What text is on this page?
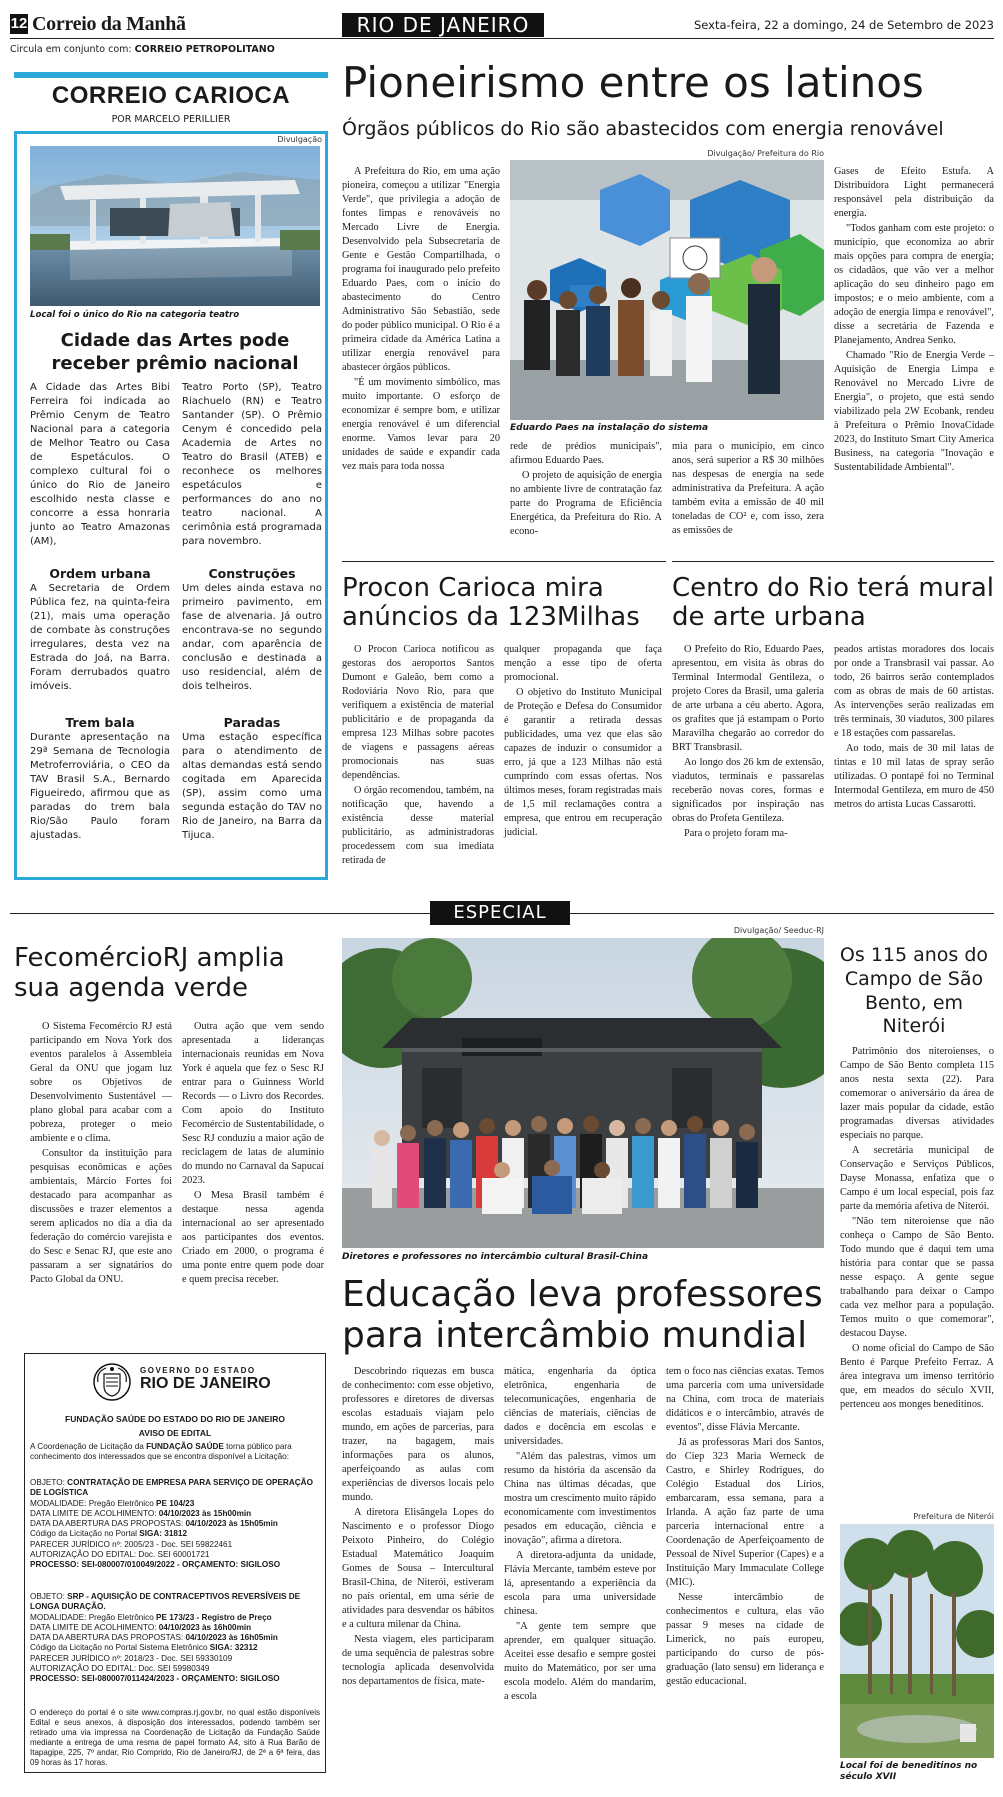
12 Correio da Manhã	RIO DE JANEIRO	Sexta-feira, 22 a domingo, 24 de Setembro de 2023
Circula em conjunto com: CORREIO PETROPOLITANO
CORREIO CARIOCA
POR MARCELO PERILLIER
Divulgação
Local foi o único do Rio na categoria teatro
Cidade das Artes pode receber prêmio nacional
A Cidade das Artes Bibi Ferreira foi indicada ao Prêmio Cenym de Teatro Nacional para a categoria de Melhor Teatro ou Casa de Espetáculos. O complexo cultural foi o único do Rio de Janeiro escolhido nesta classe e concorre a essa honraria junto ao Teatro Amazonas (AM),
Teatro Porto (SP), Teatro Riachuelo (RN) e Teatro Santander (SP). O Prêmio Cenym é concedido pela Academia de Artes no Teatro do Brasil (ATEB) e reconhece os melhores espetáculos e performances do ano no teatro nacional. A cerimônia está programada para novembro.
Ordem urbana
A Secretaria de Ordem Pública fez, na quinta-feira (21), mais uma operação de combate às construções irregulares, desta vez na Estrada do Joá, na Barra. Foram derrubados quatro imóveis.
Construções
Um deles ainda estava no primeiro pavimento, em fase de alvenaria. Já outro encontrava-se no segundo andar, com aparência de conclusão e destinada a uso residencial, além de dois telheiros.
Trem bala
Durante apresentação na 29ª Semana de Tecnologia Metroferroviária, o CEO da TAV Brasil S.A., Bernardo Figueiredo, afirmou que as paradas do trem bala Rio/São Paulo foram ajustadas.
Paradas
Uma estação específica para o atendimento de altas demandas está sendo cogitada em Aparecida (SP), assim como uma segunda estação do TAV no Rio de Janeiro, na Barra da Tijuca.
Pioneirismo entre os latinos
Órgãos públicos do Rio são abastecidos com energia renovável
Divulgação/ Prefeitura do Rio
Eduardo Paes na instalação do sistema

A Prefeitura do Rio, em uma ação pioneira, começou a utilizar "Energia Verde", que privilegia a adoção de fontes limpas e renováveis no Mercado Livre de Energia. Desenvolvido pela Subsecretaria de Gente e Gestão Compartilhada, o programa foi inaugurado pelo prefeito Eduardo Paes, com o início do abastecimento do Centro Administrativo São Sebastião, sede do poder público municipal. O Rio é a primeira cidade da América Latina a utilizar energia renovável para abastecer órgãos públicos.

"É um movimento simbólico, mas muito importante. O esforço de economizar é sempre bom, e utilizar energia renovável é um diferencial enorme. Vamos levar para 20 unidades de saúde e expandir cada vez mais para toda nossa

rede de prédios municipais", afirmou Eduardo Paes.

O projeto de aquisição de energia no ambiente livre de contratação faz parte do Programa de Eficiência Energética, da Prefeitura do Rio. A econo-

mia para o município, em cinco anos, será superior a R$ 30 milhões nas despesas de energia na sede administrativa da Prefeitura. A ação também evita a emissão de 40 mil toneladas de CO² e, com isso, zera as emissões de

Gases de Efeito Estufa. A Distribuidora Light permanecerá responsável pela distribuição da energia.

"Todos ganham com este projeto: o município, que economiza ao abrir mais opções para compra de energia; os cidadãos, que vão ver a melhor aplicação do seu dinheiro pago em impostos; e o meio ambiente, com a adoção de energia limpa e renovável", disse a secretária de Fazenda e Planejamento, Andrea Senko.

Chamado "Rio de Energia Verde – Aquisição de Energia Limpa e Renovável no Mercado Livre de Energia", o projeto, que está sendo viabilizado pela 2W Ecobank, rendeu à Prefeitura o Prêmio InovaCidade 2023, do Instituto Smart City America Business, na categoria "Inovação e Sustentabilidade Ambiental".

Procon Carioca mira anúncios da 123Milhas

O Procon Carioca notificou as gestoras dos aeroportos Santos Dumont e Galeão, bem como a Rodoviária Novo Rio, para que verifiquem a existência de material publicitário e de propaganda da empresa 123 Milhas sobre pacotes de viagens e passagens aéreas promocionais nas suas dependências.

O órgão recomendou, também, na notificação que, havendo a existência desse material publicitário, as administradoras procedessem com sua imediata retirada de

qualquer propaganda que faça menção a esse tipo de oferta promocional.

O objetivo do Instituto Municipal de Proteção e Defesa do Consumidor é garantir a retirada dessas publicidades, uma vez que elas são capazes de induzir o consumidor a erro, já que a 123 Milhas não está cumprindo com essas ofertas. Nos últimos meses, foram registradas mais de 1,5 mil reclamações contra a empresa, que entrou em recuperação judicial.

Centro do Rio terá mural de arte urbana

O Prefeito do Rio, Eduardo Paes, apresentou, em visita às obras do Terminal Intermodal Gentileza, o projeto Cores da Brasil, uma galeria de arte urbana a céu aberto. Agora, os grafites que já estampam o Porto Maravilha chegarão ao corredor do BRT Transbrasil.

Ao longo dos 26 km de extensão, viadutos, terminais e passarelas receberão novas cores, formas e significados por inspiração nas obras do Profeta Gentileza.

Para o projeto foram ma-

peados artistas moradores dos locais por onde a Transbrasil vai passar. Ao todo, 26 bairros serão contemplados com as obras de mais de 60 artistas. As intervenções serão realizadas em três terminais, 30 viadutos, 300 pilares e 18 estações com passarelas.

Ao todo, mais de 30 mil latas de tintas e 10 mil latas de spray serão utilizadas. O pontapé foi no Terminal Intermodal Gentileza, em muro de 450 metros do artista Lucas Cassarotti.

ESPECIAL
FecomércioRJ amplia sua agenda verde

O Sistema Fecomércio RJ está participando em Nova York dos eventos paralelos à Assembleia Geral da ONU que jogam luz sobre os Objetivos de Desenvolvimento Sustentável — plano global para acabar com a pobreza, proteger o meio ambiente e o clima.

Consultor da instituição para pesquisas econômicas e ações ambientais, Márcio Fortes foi destacado para acompanhar as discussões e trazer elementos a serem aplicados no dia a dia da federação do comércio varejista e do Sesc e Senac RJ, que este ano passaram a ser signatários do Pacto Global da ONU.

Outra ação que vem sendo apresentada a lideranças internacionais reunidas em Nova York é aquela que fez o Sesc RJ entrar para o Guinness World Records — o Livro dos Recordes. Com apoio do Instituto Fecomércio de Sustentabilidade, o Sesc RJ conduziu a maior ação de reciclagem de latas de alumínio do mundo no Carnaval da Sapucaí 2023.

O Mesa Brasil também é destaque nessa agenda internacional ao ser apresentado aos participantes dos eventos. Criado em 2000, o programa é uma ponte entre quem pode doar e quem precisa receber.

GOVERNO DO ESTADO
RIO DE JANEIRO
FUNDAÇÃO SAÚDE DO ESTADO DO RIO DE JANEIRO
AVISO DE EDITAL
A Coordenação de Licitação da FUNDAÇÃO SAÚDE torna público para conhecimento dos interessados que se encontra disponível a Licitação:
OBJETO: CONTRATAÇÃO DE EMPRESA PARA SERVIÇO DE OPERAÇÃO DE LOGÍSTICA
MODALIDADE: Pregão Eletrônico PE 104/23
DATA LIMITE DE ACOLHIMENTO: 04/10/2023 às 15h00min
DATA DA ABERTURA DAS PROPOSTAS: 04/10/2023 às 15h05min
Código da Licitação no Portal SIGA: 31812
PARECER JURÍDICO nº: 2005/23 - Doc. SEI 59822461
AUTORIZAÇÃO DO EDITAL: Doc. SEI 60001721
PROCESSO: SEI-080007/010049/2022 - ORÇAMENTO: SIGILOSO
OBJETO: SRP - AQUISIÇÃO DE CONTRACEPTIVOS REVERSÍVEIS DE LONGA DURAÇÃO.
MODALIDADE: Pregão Eletrônico PE 173/23 - Registro de Preço
DATA LIMITE DE ACOLHIMENTO: 04/10/2023 às 16h00min
DATA DA ABERTURA DAS PROPOSTAS: 04/10/2023 às 16h05min
Código da Licitação no Portal Sistema Eletrônico SIGA: 32312
PARECER JURÍDICO nº: 2018/23 - Doc. SEI 59330109
AUTORIZAÇÃO DO EDITAL: Doc. SEI 59980349
PROCESSO: SEI-080007/011424/2023 - ORÇAMENTO: SIGILOSO
O endereço do portal é o site www.compras.rj.gov.br, no qual estão disponíveis Edital e seus anexos, à disposição dos interessados, podendo também ser retirado uma via impressa na Coordenação de Licitação da Fundação Saúde mediante a entrega de uma resma de papel formato A4, sito à Rua Barão de Itapagipe, 225, 7º andar, Rio Comprido, Rio de Janeiro/RJ, de 2ª a 6ª feira, das 09 horas às 17 horas.
Divulgação/ Seeduc-RJ
Diretores e professores no intercâmbio cultural Brasil-China
Educação leva professores para intercâmbio mundial

Descobrindo riquezas em busca de conhecimento: com esse objetivo, professores e diretores de diversas escolas estaduais viajam pelo mundo, em ações de parcerias, para trazer, na bagagem, mais informações para os alunos, aperfeiçoando as aulas com experiências de diversos locais pelo mundo.

A diretora Elisângela Lopes do Nascimento e o professor Diogo Peixoto Pinheiro, do Colégio Estadual Matemático Joaquim Gomes de Sousa – Intercultural Brasil-China, de Niterói, estiveram no país oriental, em uma série de atividades para desvendar os hábitos e a cultura milenar da China.

Nesta viagem, eles participaram de uma sequência de palestras sobre tecnologia aplicada desenvolvida nos departamentos de física, mate-

mática, engenharia da óptica eletrônica, engenharia de telecomunicações, engenharia de ciências de materiais, ciências de dados e docência em escolas e universidades.

"Além das palestras, vimos um resumo da história da ascensão da China nas últimas décadas, que mostra um crescimento muito rápido economicamente com investimentos pesados em educação, ciência e inovação", afirma a diretora.

A diretora-adjunta da unidade, Flávia Mercante, também esteve por lá, apresentando a experiência da escola para uma universidade chinesa.

"A gente tem sempre que aprender, em qualquer situação. Aceitei esse desafio e sempre gostei muito do Matemático, por ser uma escola modelo. Além do mandarim, a escola

tem o foco nas ciências exatas. Temos uma parceria com uma universidade na China, com troca de materiais didáticos e o intercâmbio, através de eventos", disse Flávia Mercante.

Já as professoras Mari dos Santos, do Ciep 323 Maria Werneck de Castro, e Shirley Rodrigues, do Colégio Estadual dos Lírios, embarcaram, essa semana, para a Irlanda. A ação faz parte de uma parceria internacional entre a Coordenação de Aperfeiçoamento de Pessoal de Nível Superior (Capes) e a Instituição Mary Immaculate College (MIC).

Nesse intercâmbio de conhecimentos e cultura, elas vão passar 9 meses na cidade de Limerick, no país europeu, participando do curso de pós-graduação (lato sensu) em liderança e gestão educacional.

Os 115 anos do Campo de São Bento, em Niterói

Patrimônio dos niteroienses, o Campo de São Bento completa 115 anos nesta sexta (22). Para comemorar o aniversário da área de lazer mais popular da cidade, estão programadas diversas atividades especiais no parque.

A secretária municipal de Conservação e Serviços Públicos, Dayse Monassa, enfatiza que o Campo é um local especial, pois faz parte da memória afetiva de Niterói.

"Não tem niteroiense que não conheça o Campo de São Bento. Todo mundo que é daqui tem uma história para contar que se passa nesse espaço. A gente segue trabalhando para deixar o Campo cada vez melhor para a população. Temos muito o que comemorar", destacou Dayse.

O nome oficial do Campo de São Bento é Parque Prefeito Ferraz. A área integrava um imenso território que, em meados do século XVII, pertenceu aos monges beneditinos.

Prefeitura de Niterói
Local foi de beneditinos no século XVII
